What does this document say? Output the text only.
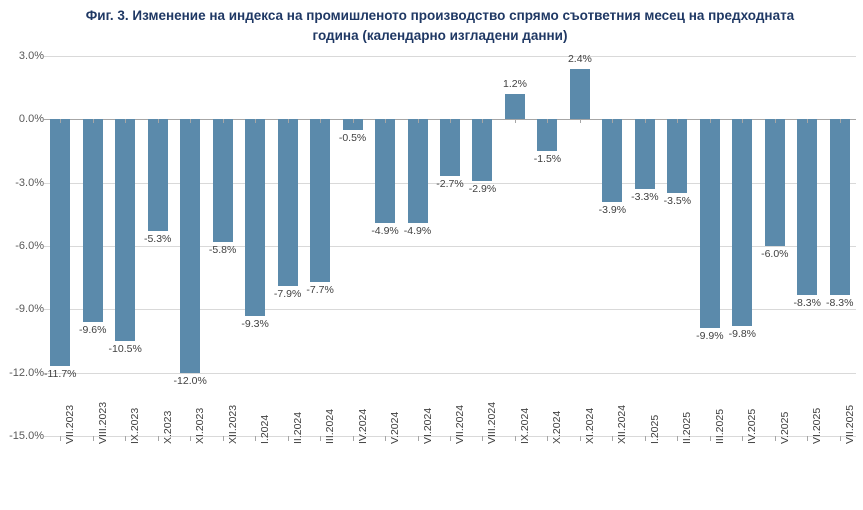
Фиг. 3. Изменение на индекса на промишленото производство спрямо съответния месец на предходната година (календарно изгладени данни)
3.0%
0.0%
-3.0%
-6.0%
-9.0%
-12.0%
-15.0%
-11.7%
-9.6%
-10.5%
-5.3%
-12.0%
-5.8%
-9.3%
-7.9% -7.7%
-0.5%
-4.9% -4.9%
-2.7% -2.9%
1.2%
-1.5%
2.4%
-3.9%
-3.3% -3.5%
-9.9% -9.8%
-6.0%
-8.3% -8.3%
VII.2023 VIII.2023 IX.2023 X.2023 XI.2023 XII.2023 I.2024 II.2024 III.2024 IV.2024 V.2024 VI.2024 VII.2024 VIII.2024 IX.2024 X.2024 XI.2024 XII.2024 I.2025 II.2025 III.2025 IV.2025 V.2025 VI.2025 VII.2025
